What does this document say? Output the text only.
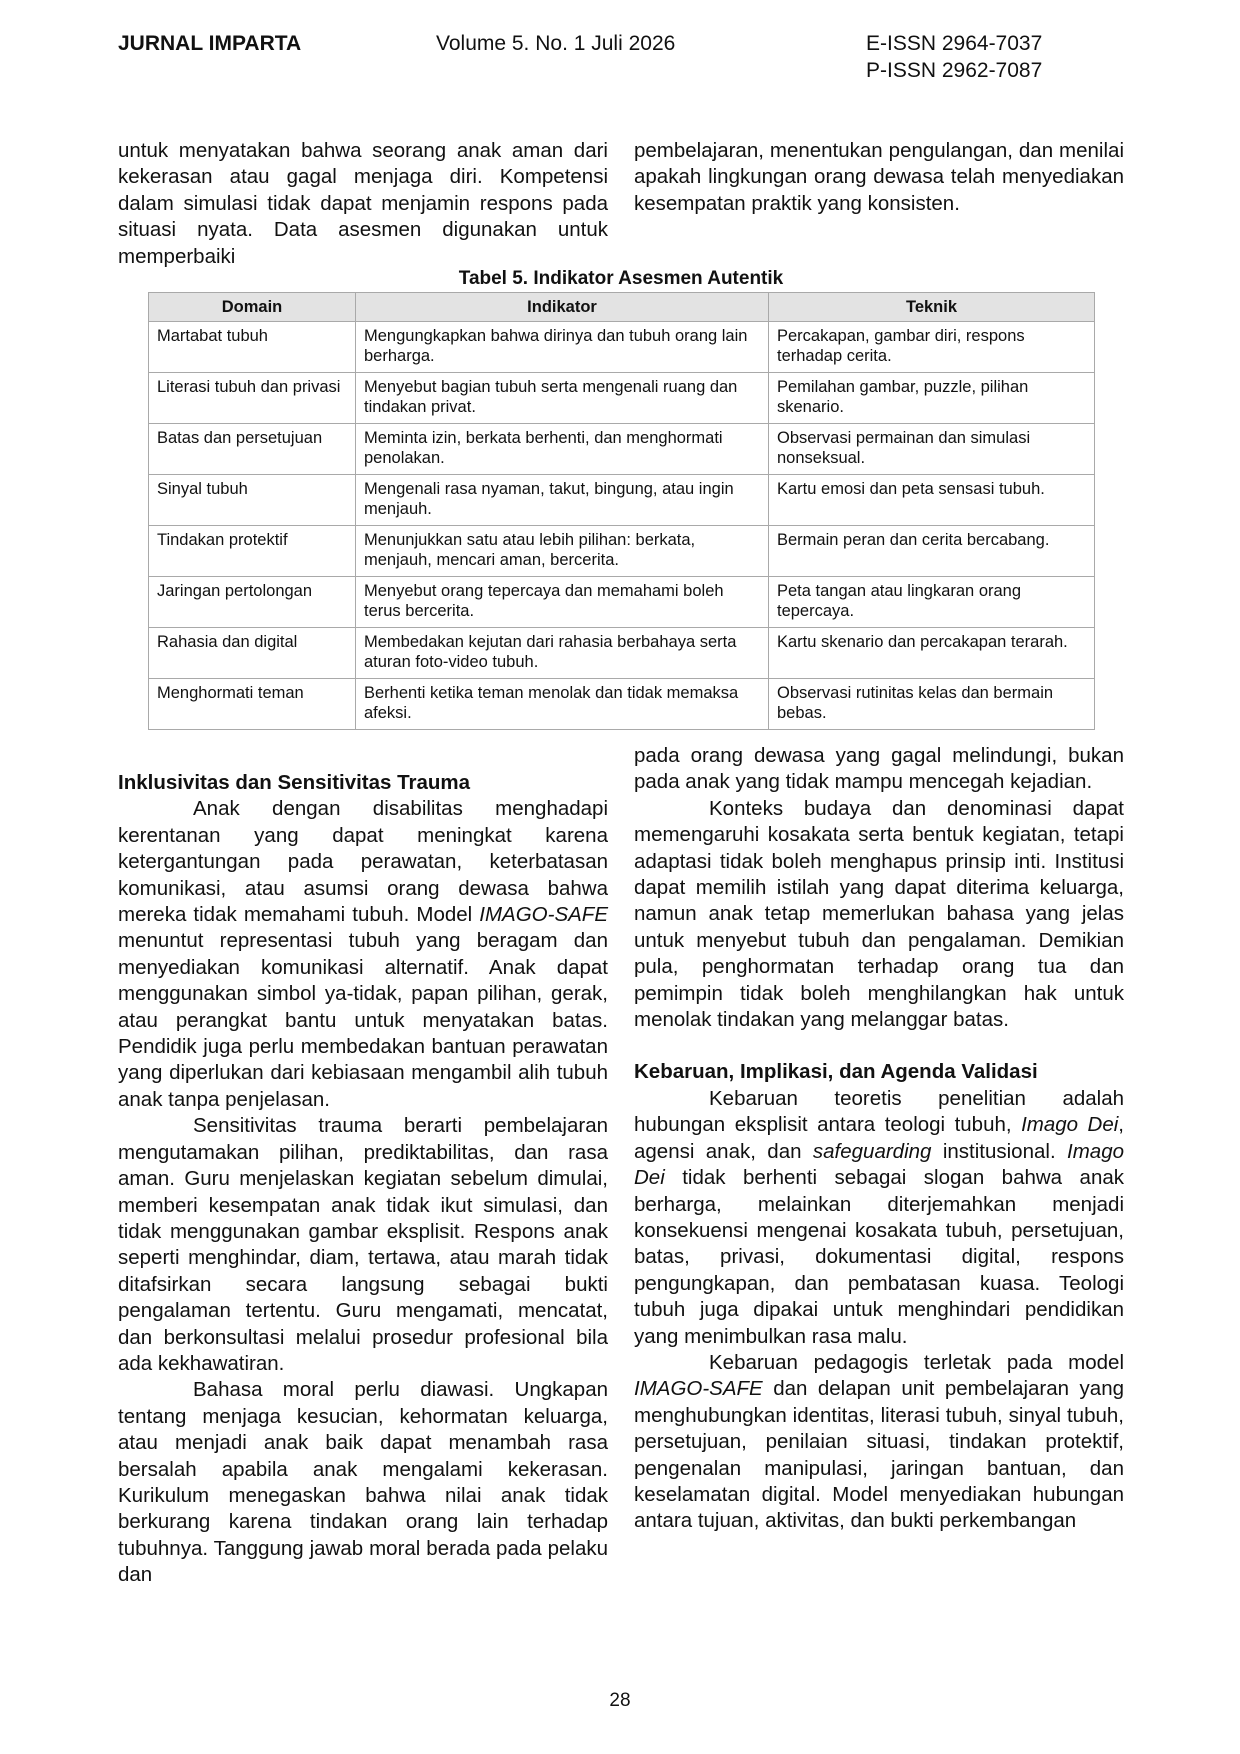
JURNAL IMPARTA	Volume 5. No. 1 Juli 2026	E-ISSN 2964-7037
P-ISSN 2962-7087

untuk menyatakan bahwa seorang anak aman dari kekerasan atau gagal menjaga diri. Kompetensi dalam simulasi tidak dapat menjamin respons pada situasi nyata. Data asesmen digunakan untuk memperbaiki

pembelajaran, menentukan pengulangan, dan menilai apakah lingkungan orang dewasa telah menyediakan kesempatan praktik yang konsisten.

Tabel 5. Indikator Asesmen Autentik
Domain	Indikator	Teknik
Martabat tubuh	Mengungkapkan bahwa dirinya dan tubuh orang lain berharga.	Percakapan, gambar diri, respons terhadap cerita.
Literasi tubuh dan privasi	Menyebut bagian tubuh serta mengenali ruang dan tindakan privat.	Pemilahan gambar, puzzle, pilihan skenario.
Batas dan persetujuan	Meminta izin, berkata berhenti, dan menghormati penolakan.	Observasi permainan dan simulasi nonseksual.
Sinyal tubuh	Mengenali rasa nyaman, takut, bingung, atau ingin menjauh.	Kartu emosi dan peta sensasi tubuh.
Tindakan protektif	Menunjukkan satu atau lebih pilihan: berkata, menjauh, mencari aman, bercerita.	Bermain peran dan cerita bercabang.
Jaringan pertolongan	Menyebut orang tepercaya dan memahami boleh terus bercerita.	Peta tangan atau lingkaran orang tepercaya.
Rahasia dan digital	Membedakan kejutan dari rahasia berbahaya serta aturan foto-video tubuh.	Kartu skenario dan percakapan terarah.
Menghormati teman	Berhenti ketika teman menolak dan tidak memaksa afeksi.	Observasi rutinitas kelas dan bermain bebas.
Inklusivitas dan Sensitivitas Trauma

Anak dengan disabilitas menghadapi kerentanan yang dapat meningkat karena ketergantungan pada perawatan, keterbatasan komunikasi, atau asumsi orang dewasa bahwa mereka tidak memahami tubuh. Model IMAGO-SAFE menuntut representasi tubuh yang beragam dan menyediakan komunikasi alternatif. Anak dapat menggunakan simbol ya-tidak, papan pilihan, gerak, atau perangkat bantu untuk menyatakan batas. Pendidik juga perlu membedakan bantuan perawatan yang diperlukan dari kebiasaan mengambil alih tubuh anak tanpa penjelasan.

Sensitivitas trauma berarti pembelajaran mengutamakan pilihan, prediktabilitas, dan rasa aman. Guru menjelaskan kegiatan sebelum dimulai, memberi kesempatan anak tidak ikut simulasi, dan tidak menggunakan gambar eksplisit. Respons anak seperti menghindar, diam, tertawa, atau marah tidak ditafsirkan secara langsung sebagai bukti pengalaman tertentu. Guru mengamati, mencatat, dan berkonsultasi melalui prosedur profesional bila ada kekhawatiran.

Bahasa moral perlu diawasi. Ungkapan tentang menjaga kesucian, kehormatan keluarga, atau menjadi anak baik dapat menambah rasa bersalah apabila anak mengalami kekerasan. Kurikulum menegaskan bahwa nilai anak tidak berkurang karena tindakan orang lain terhadap tubuhnya. Tanggung jawab moral berada pada pelaku dan

pada orang dewasa yang gagal melindungi, bukan pada anak yang tidak mampu mencegah kejadian.

Konteks budaya dan denominasi dapat memengaruhi kosakata serta bentuk kegiatan, tetapi adaptasi tidak boleh menghapus prinsip inti. Institusi dapat memilih istilah yang dapat diterima keluarga, namun anak tetap memerlukan bahasa yang jelas untuk menyebut tubuh dan pengalaman. Demikian pula, penghormatan terhadap orang tua dan pemimpin tidak boleh menghilangkan hak untuk menolak tindakan yang melanggar batas.

Kebaruan, Implikasi, dan Agenda Validasi

Kebaruan teoretis penelitian adalah hubungan eksplisit antara teologi tubuh, Imago Dei, agensi anak, dan safeguarding institusional. Imago Dei tidak berhenti sebagai slogan bahwa anak berharga, melainkan diterjemahkan menjadi konsekuensi mengenai kosakata tubuh, persetujuan, batas, privasi, dokumentasi digital, respons pengungkapan, dan pembatasan kuasa. Teologi tubuh juga dipakai untuk menghindari pendidikan yang menimbulkan rasa malu.

Kebaruan pedagogis terletak pada model IMAGO-SAFE dan delapan unit pembelajaran yang menghubungkan identitas, literasi tubuh, sinyal tubuh, persetujuan, penilaian situasi, tindakan protektif, pengenalan manipulasi, jaringan bantuan, dan keselamatan digital. Model menyediakan hubungan antara tujuan, aktivitas, dan bukti perkembangan

28
